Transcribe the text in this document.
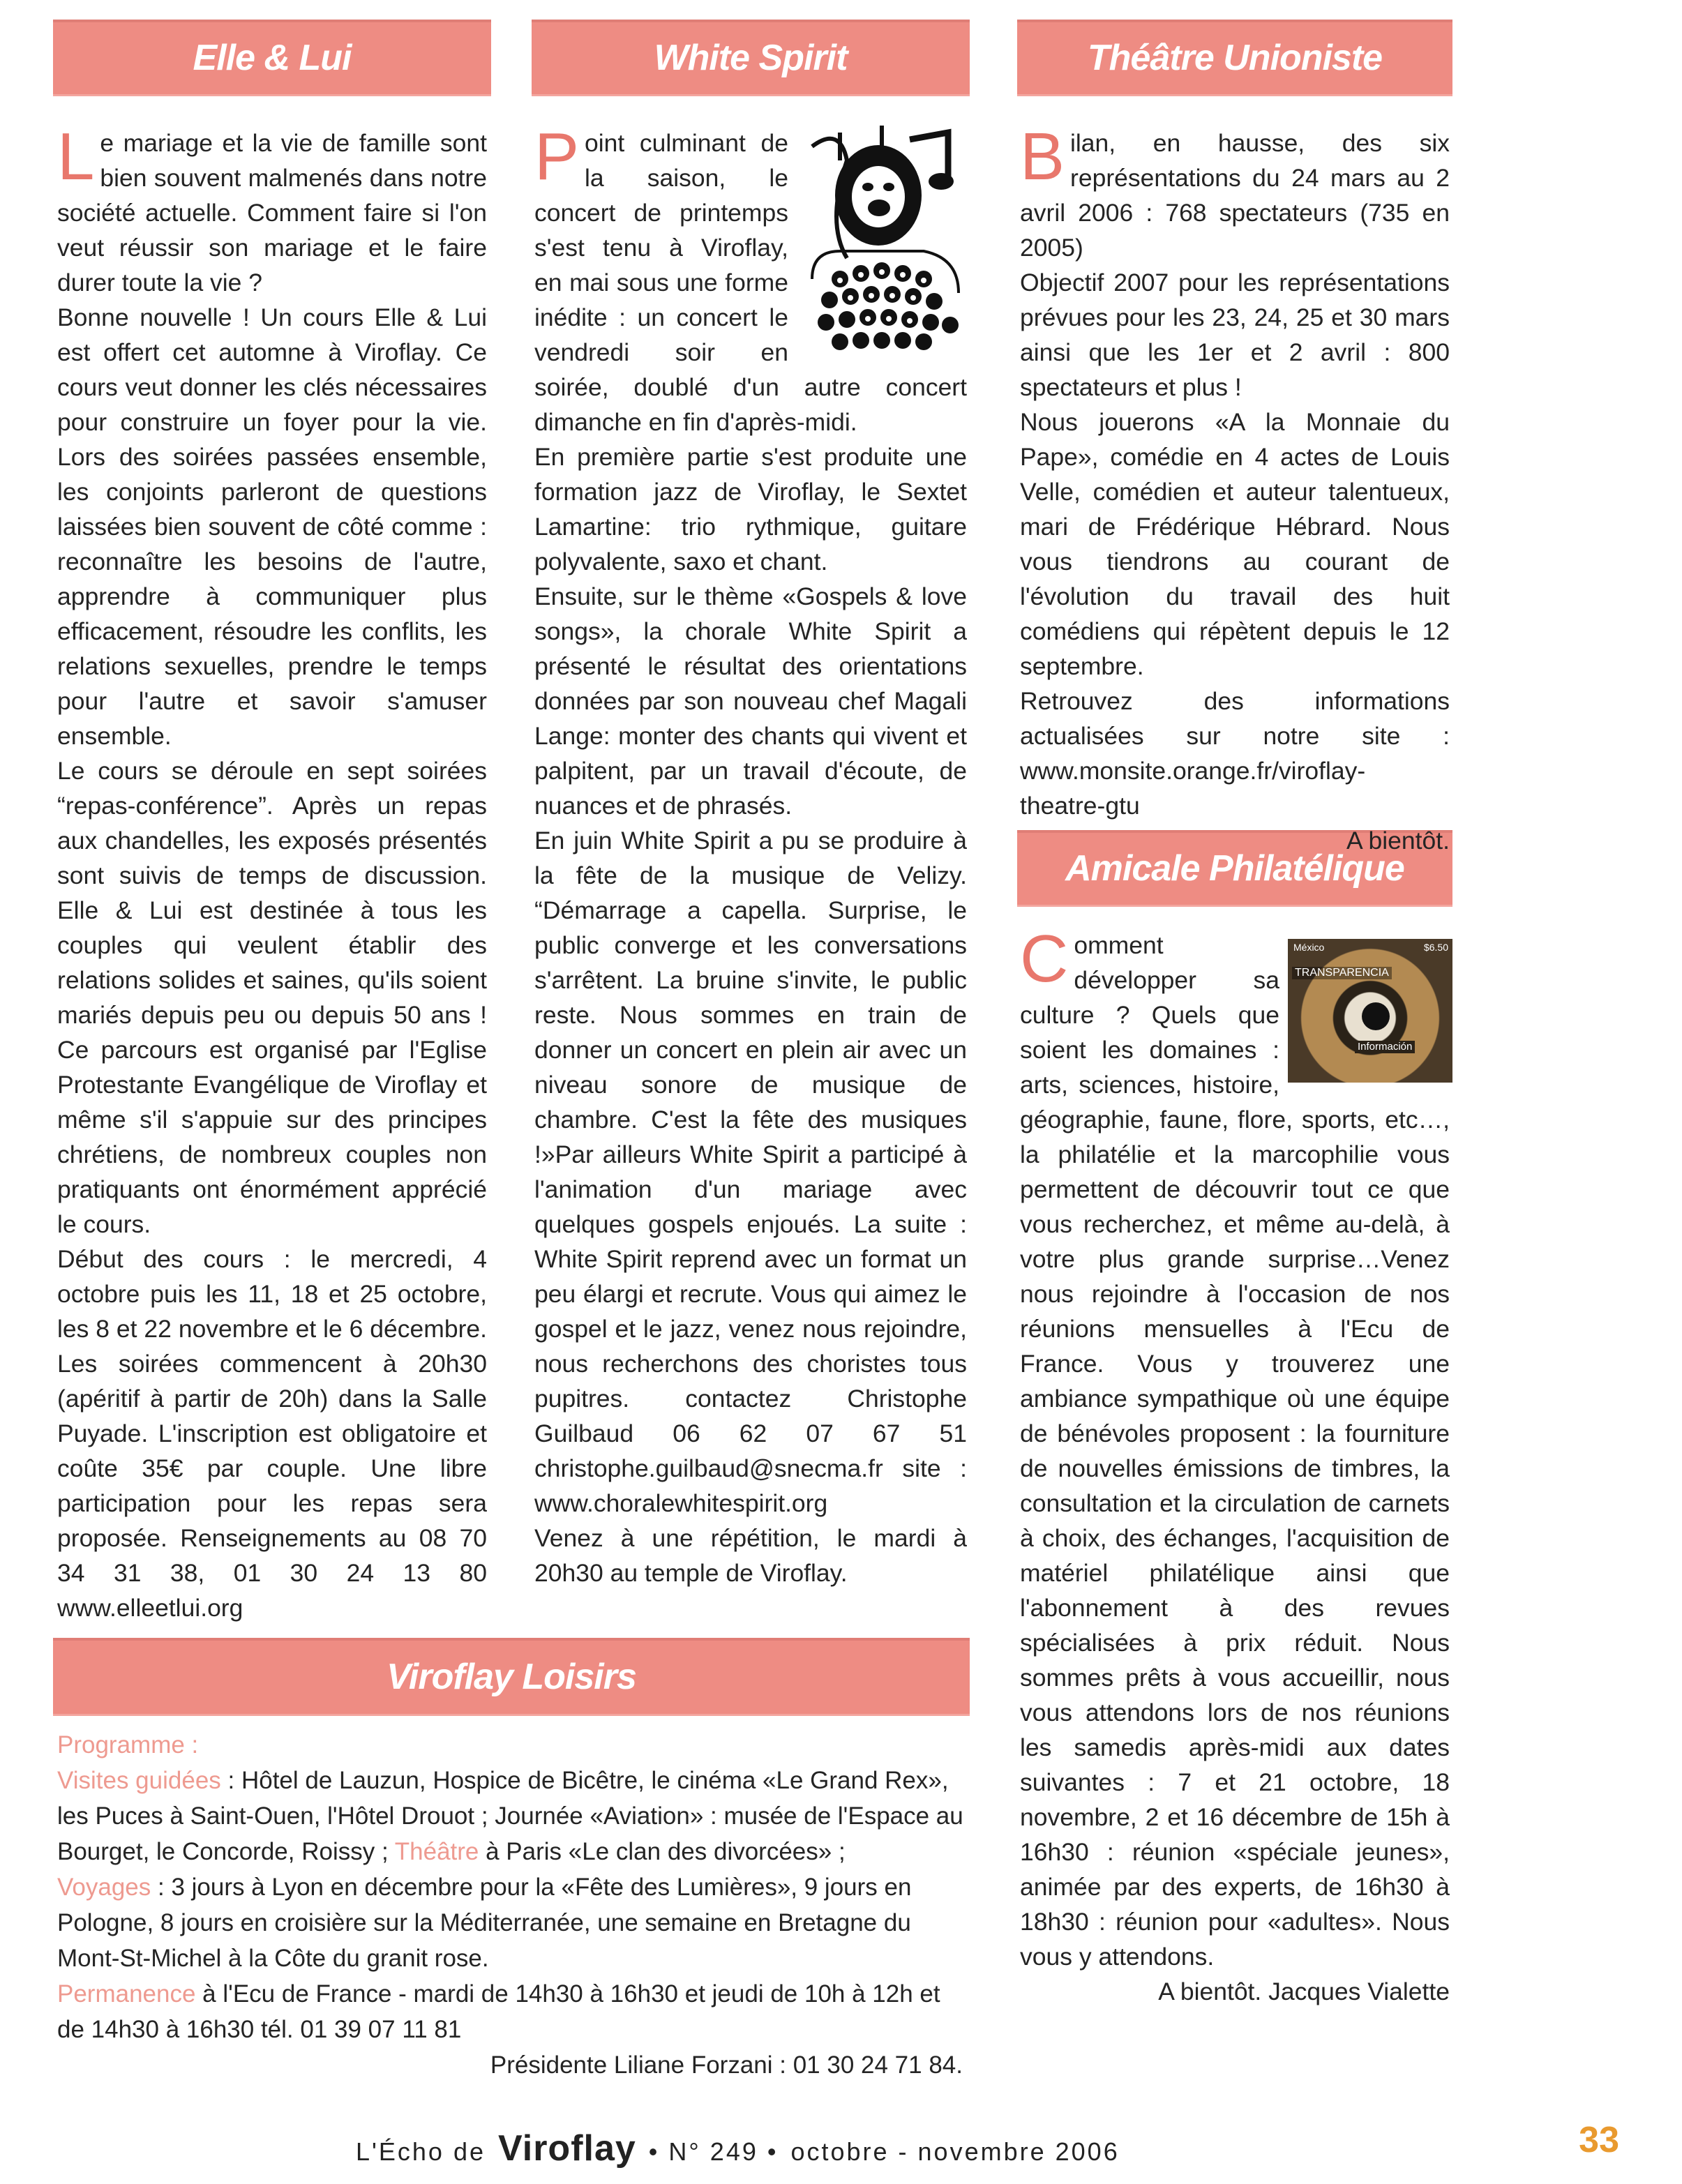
Elle & Lui	White Spirit	Théâtre Unioniste
Amicale Philatélique
Viroflay Loisirs

Le mariage et la vie de famille sont bien souvent malmenés dans notre société actuelle. Comment faire si l'on veut réussir son mariage et le faire durer toute la vie ?

Bonne nouvelle ! Un cours Elle & Lui est offert cet automne à Viroflay. Ce cours veut donner les clés nécessaires pour construire un foyer pour la vie. Lors des soirées passées ensemble, les conjoints parleront de questions laissées bien souvent de côté comme : reconnaître les besoins de l'autre, apprendre à communiquer plus efficacement, résoudre les conflits, les relations sexuelles, prendre le temps pour l'autre et savoir s'amuser ensemble.

Le cours se déroule en sept soirées “repas-conférence”. Après un repas aux chandelles, les exposés présentés sont suivis de temps de discussion. Elle & Lui est destinée à tous les couples qui veulent établir des relations solides et saines, qu'ils soient mariés depuis peu ou depuis 50 ans ! Ce parcours est organisé par l'Eglise Protestante Evangélique de Viroflay et même s'il s'appuie sur des principes chrétiens, de nombreux couples non pratiquants ont énormément apprécié le cours.

Début des cours : le mercredi, 4 octobre puis les 11, 18 et 25 octobre, les 8 et 22 novembre et le 6 décembre. Les soirées commencent à 20h30 (apéritif à partir de 20h) dans la Salle Puyade. L'inscription est obligatoire et coûte 35€ par couple. Une libre participation pour les repas sera proposée. Renseignements au 08 70 34 31 38, 01 30 24 13 80 www.elleetlui.org

Point culminant de la saison, le concert de printemps s'est tenu à Viroflay, en mai sous une forme inédite : un concert le vendredi soir en soirée, doublé d'un autre concert dimanche en fin d'après-midi.

En première partie s'est produite une formation jazz de Viroflay, le Sextet Lamartine: trio rythmique, guitare polyvalente, saxo et chant.

Ensuite, sur le thème «Gospels & love songs», la chorale White Spirit a présenté le résultat des orientations données par son nouveau chef Magali Lange: monter des chants qui vivent et palpitent, par un travail d'écoute, de nuances et de phrasés.

En juin White Spirit a pu se produire à la fête de la musique de Velizy. “Démarrage a capella. Surprise, le public converge et les conversations s'arrêtent. La bruine s'invite, le public reste. Nous sommes en train de donner un concert en plein air avec un niveau sonore de musique de chambre. C'est la fête des musiques !»Par ailleurs White Spirit a participé à l'animation d'un mariage avec quelques gospels enjoués. La suite : White Spirit reprend avec un format un peu élargi et recrute. Vous qui aimez le gospel et le jazz, venez nous rejoindre, nous recherchons des choristes tous pupitres. contactez Christophe Guilbaud 06 62 07 67 51 christophe.guilbaud@snecma.fr site : www.choralewhitespirit.org

Venez à une répétition, le mardi à 20h30 au temple de Viroflay.

Bilan, en hausse, des six représentations du 24 mars au 2 avril 2006 : 768 spectateurs (735 en 2005)

Objectif 2007 pour les représentations prévues pour les 23, 24, 25 et 30 mars ainsi que les 1er et 2 avril : 800 spectateurs et plus !

Nous jouerons «A la Monnaie du Pape», comédie en 4 actes de Louis Velle, comédien et auteur talentueux, mari de Frédérique Hébrard. Nous vous tiendrons au courant de l'évolution du travail des huit comédiens qui répètent depuis le 12 septembre.

Retrouvez des informations actualisées sur notre site : www.monsite.orange.fr/viroflay-theatre-gtu

A bientôt.

México	$6.50
TRANSPARENCIA
Información

Comment développer sa culture ? Quels que soient les domaines : arts, sciences, histoire, géographie, faune, flore, sports, etc…, la philatélie et la marcophilie vous permettent de découvrir tout ce que vous recherchez, et même au-delà, à votre plus grande surprise…Venez nous rejoindre à l'occasion de nos réunions mensuelles à l'Ecu de France. Vous y trouverez une ambiance sympathique où une équipe de bénévoles proposent : la fourniture de nouvelles émissions de timbres, la consultation et la circulation de carnets à choix, des échanges, l'acquisition de matériel philatélique ainsi que l'abonnement à des revues spécialisées à prix réduit. Nous sommes prêts à vous accueillir, nous vous attendons lors de nos réunions les samedis après-midi aux dates suivantes : 7 et 21 octobre, 18 novembre, 2 et 16 décembre de 15h à 16h30 : réunion «spéciale jeunes», animée par des experts, de 16h30 à 18h30 : réunion pour «adultes». Nous vous y attendons.

A bientôt. Jacques Vialette

Programme :

Visites guidées : Hôtel de Lauzun, Hospice de Bicêtre, le cinéma «Le Grand Rex», les Puces à Saint-Ouen, l'Hôtel Drouot ; Journée «Aviation» : musée de l'Espace au Bourget, le Concorde, Roissy ; Théâtre à Paris «Le clan des divorcées» ;

Voyages : 3 jours à Lyon en décembre pour la «Fête des Lumières», 9 jours en Pologne, 8 jours en croisière sur la Méditerranée, une semaine en Bretagne du Mont-St-Michel à la Côte du granit rose.

Permanence à l'Ecu de France - mardi de 14h30 à 16h30 et jeudi de 10h à 12h et de 14h30 à 16h30 tél. 01 39 07 11 81

Présidente Liliane Forzani : 01 30 24 71 84.

L'Écho de Viroflay • N° 249 • octobre - novembre 2006	33
